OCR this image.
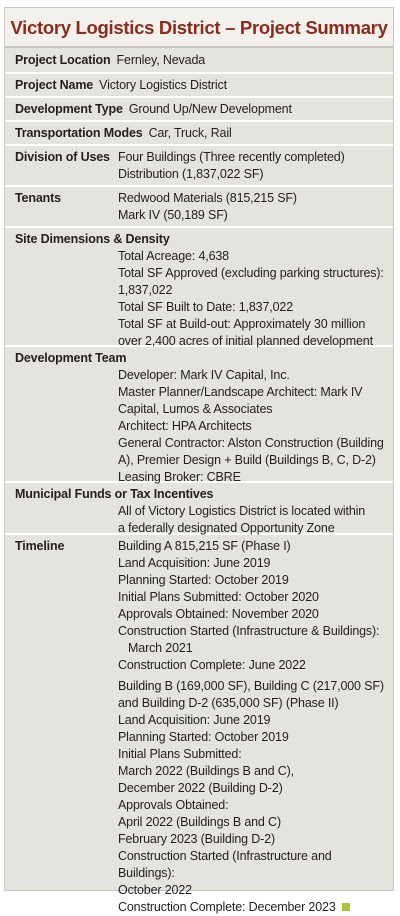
Victory Logistics District – Project Summary
Project Location Fernley, Nevada
Project Name Victory Logistics District
Development Type Ground Up/New Development
Transportation Modes Car, Truck, Rail
Division of Uses Four Buildings (Three recently completed)
Distribution (1,837,022 SF)
Tenants	Redwood Materials (815,215 SF)
Mark IV (50,189 SF)
Site Dimensions & Density
Total Acreage: 4,638
Total SF Approved (excluding parking structures):
1,837,022
Total SF Built to Date: 1,837,022
Total SF at Build-out: Approximately 30 million
over 2,400 acres of initial planned development
Development Team
Developer: Mark IV Capital, Inc.
Master Planner/Landscape Architect: Mark IV
Capital, Lumos & Associates
Architect: HPA Architects
General Contractor: Alston Construction (Building
A), Premier Design + Build (Buildings B, C, D-2)
Leasing Broker: CBRE
Municipal Funds or Tax Incentives
All of Victory Logistics District is located within
a federally designated Opportunity Zone
Timeline	Building A 815,215 SF (Phase I)
Land Acquisition: June 2019
Planning Started: October 2019
Initial Plans Submitted: October 2020
Approvals Obtained: November 2020
Construction Started (Infrastructure & Buildings):
March 2021
Construction Complete: June 2022
Building B (169,000 SF), Building C (217,000 SF)
and Building D-2 (635,000 SF) (Phase II)
Land Acquisition: June 2019
Planning Started: October 2019
Initial Plans Submitted:
March 2022 (Buildings B and C),
December 2022 (Building D-2)
Approvals Obtained:
April 2022 (Buildings B and C)
February 2023 (Building D-2)
Construction Started (Infrastructure and Buildings):
October 2022
Construction Complete: December 2023
